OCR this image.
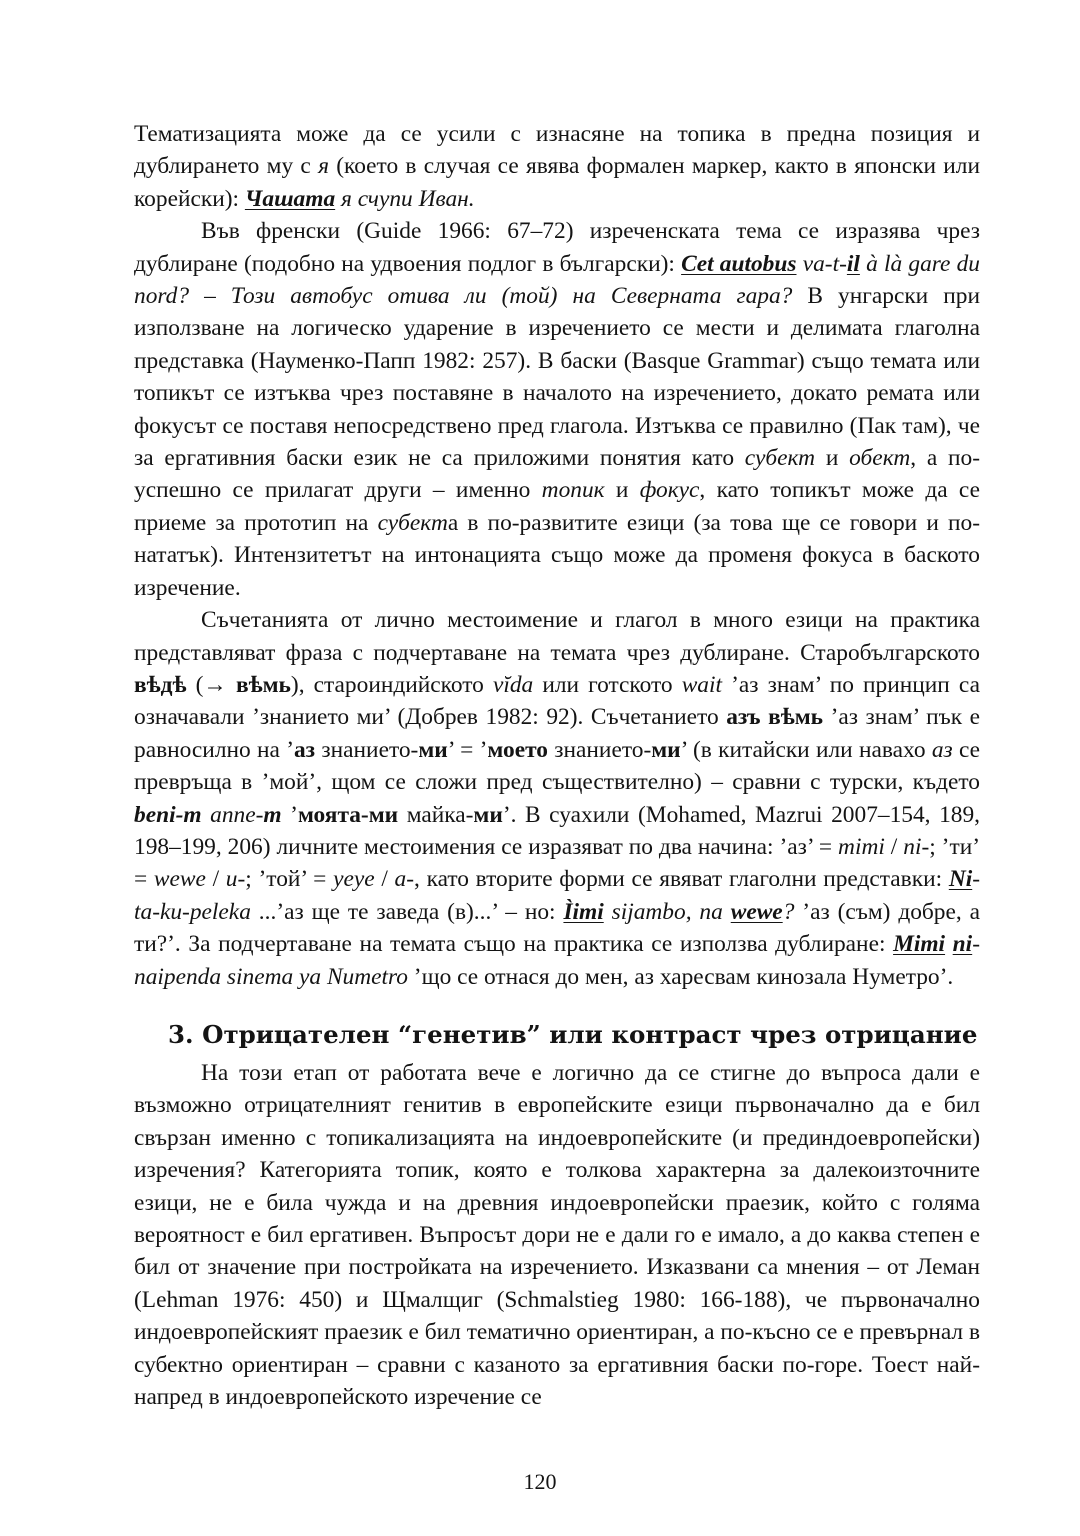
Тематизацията може да се усили с изнасяне на топика в предна позиция и дублирането му с я (което в случая се явява формален маркер, както в японски или корейски): Чашата я счупи Иван.

Във френски (Guide 1966: 67–72) изреченската тема се изразява чрез дублиране (подобно на удвоения подлог в български): Cet autobus va-t-il à là gare du nord? – Този автобус отива ли (той) на Северната гара? В унгарски при използване на логическо ударение в изречението се мести и делимата глаголна представка (Науменко-Папп 1982: 257). В баски (Basque Grammar) също темата или топикът се изтъква чрез поставяне в началото на изречението, докато ремата или фокусът се поставя непосредствено пред глагола. Изтъква се правилно (Пак там), че за ергативния баски език не са приложими понятия като субект и обект, а по-успешно се прилагат други – именно топик и фокус, като топикът може да се приеме за прототип на субекта в по-развитите езици (за това ще се говори и по-нататък). Интензитетът на интонацията също може да променя фокуса в баското изречение.

Съчетанията от лично местоимение и глагол в много езици на практика представляват фраза с подчертаване на темата чрез дублиране. Старобългарското вѣдѣ (→ вѣмь), староиндийското vĭda или готското wait ’аз знам’ по принцип са означавали ’знанието ми’ (Добрев 1982: 92). Съчетанието азъ вѣмь ’аз знам’ пък е равносилно на ’аз знанието-ми’ = ’моето знанието-ми’ (в китайски или навахо аз се превръща в ’мой’, щом се сложи пред съществително) – сравни с турски, където beni-m anne-m ’моята-ми майка-ми’. В суахили (Mohamed, Mazrui 2007–154, 189, 198–199, 206) личните местоимения се изразяват по два начина: ’аз’ = mimi / ni-; ’ти’ = wewe / u-; ’той’ = yeye / a-, като вторите форми се явяват глаголни представки: Ni-ta-ku-peleka ...’аз ще те заведа (в)...’ – но: Ìimi sijambo, na wewe? ’аз (съм) добре, а ти?’. За подчертаване на темата също на практика се използва дублиране: Mimi ni-naipenda sinema ya Numetro ’що се отнася до мен, аз харесвам кинозала Нуметро’.

3. Отрицателен “генетив” или контраст чрез отрицание

На този етап от работата вече е логично да се стигне до въпроса дали е възможно отрицателният генитив в европейските езици първоначално да е бил свързан именно с топикализацията на индоевропейските (и прединдоевропейски) изречения? Категорията топик, която е толкова характерна за далекоизточните езици, не е била чужда и на древния индоевропейски праезик, който с голяма вероятност е бил ергативен. Въпросът дори не е дали го е имало, а до каква степен е бил от значение при постройката на изречението. Изказвани са мнения – от Леман (Lehman 1976: 450) и Щмалщиг (Schmalstieg 1980: 166-188), че първоначално индоевропейският праезик е бил тематично ориентиран, а по-късно се е превърнал в субектно ориентиран – сравни с казаното за ергативния баски по-горе. Тоест най-напред в индоевропейското изречение се

120
